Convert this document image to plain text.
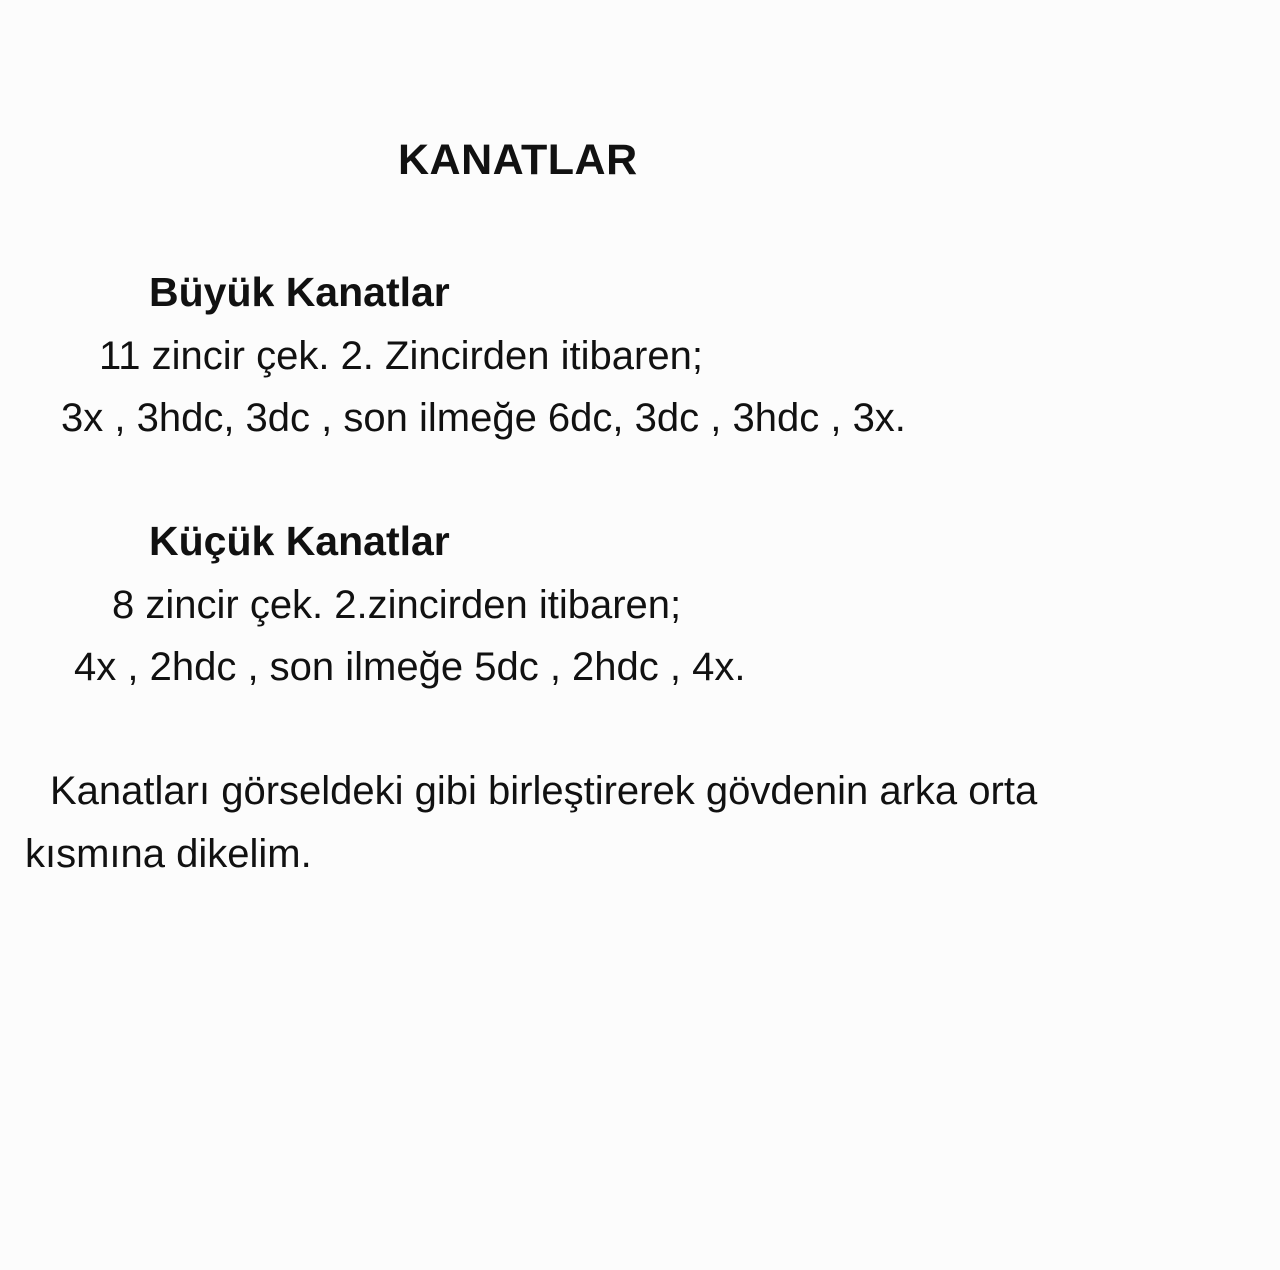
KANATLAR
Büyük Kanatlar

11 zincir çek. 2. Zincirden itibaren;

3x , 3hdc, 3dc , son ilmeğe 6dc, 3dc , 3hdc , 3x.

Küçük Kanatlar

8 zincir çek. 2.zincirden itibaren;

4x , 2hdc , son ilmeğe 5dc , 2hdc , 4x.

Kanatları görseldeki gibi birleştirerek gövdenin arka orta

kısmına dikelim.
